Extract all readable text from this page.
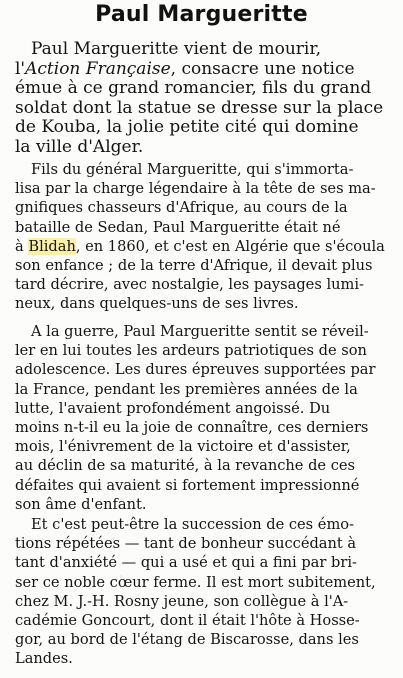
Paul Margueritte
Paul Margueritte vient de mourir,
l'Action Française, consacre une notice
émue à ce grand romancier, fils du grand
soldat dont la statue se dresse sur la place
de Kouba, la jolie petite cité qui domine
la ville d'Alger.
Fils du général Margueritte, qui s'immorta-
lisa par la charge légendaire à la tête de ses ma-
gnifiques chasseurs d'Afrique, au cours de la
bataille de Sedan, Paul Margueritte était né
à Blidah, en 1860, et c'est en Algérie que s'écoula
son enfance ; de la terre d'Afrique, il devait plus
tard décrire, avec nostalgie, les paysages lumi-
neux, dans quelques-uns de ses livres.
A la guerre, Paul Margueritte sentit se réveil-
ler en lui toutes les ardeurs patriotiques de son
adolescence. Les dures épreuves supportées par
la France, pendant les premières années de la
lutte, l'avaient profondément angoissé. Du
moins n-t-il eu la joie de connaître, ces derniers
mois, l'énivrement de la victoire et d'assister,
au déclin de sa maturité, à la revanche de ces
défaites qui avaient si fortement impressionné
son âme d'enfant.
Et c'est peut-être la succession de ces émo-
tions répétées — tant de bonheur succédant à
tant d'anxiété — qui a usé et qui a fini par bri-
ser ce noble cœur ferme. Il est mort subitement,
chez M. J.-H. Rosny jeune, son collègue à l'A-
cadémie Goncourt, dont il était l'hôte à Hosse-
gor, au bord de l'étang de Biscarosse, dans les
Landes.
